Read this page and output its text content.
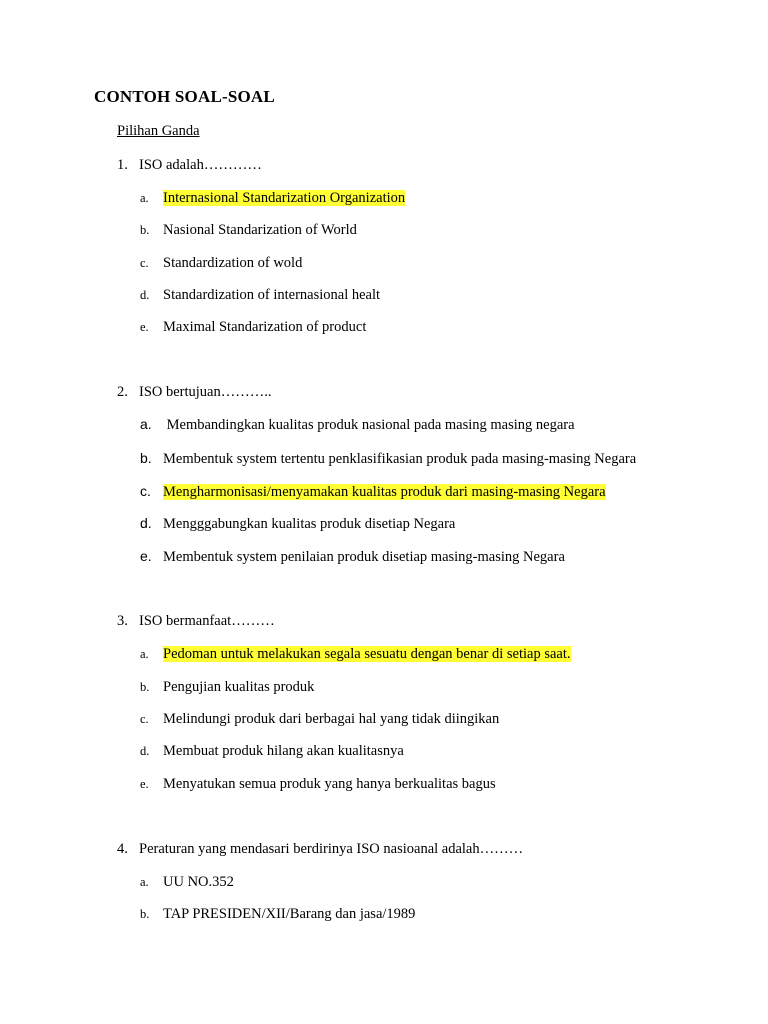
CONTOH SOAL-SOAL
Pilihan Ganda
1. ISO adalah…………
a. Internasional Standarization Organization
b. Nasional Standarization of World
c. Standardization of wold
d. Standardization of internasional healt
e. Maximal Standarization of product
2. ISO bertujuan………..
a. Membandingkan kualitas produk nasional pada masing masing negara
b. Membentuk system tertentu penklasifikasian produk pada masing-masing Negara
c. Mengharmonisasi/menyamakan kualitas produk dari masing-masing Negara
d. Mengggabungkan kualitas produk disetiap Negara
e. Membentuk system penilaian produk disetiap masing-masing Negara
3. ISO bermanfaat………
a. Pedoman untuk melakukan segala sesuatu dengan benar di setiap saat.
b. Pengujian kualitas produk
c. Melindungi produk dari berbagai hal yang tidak diingikan
d. Membuat produk hilang akan kualitasnya
e. Menyatukan semua produk yang hanya berkualitas bagus
4. Peraturan yang mendasari berdirinya ISO nasioanal adalah………
a. UU NO.352
b. TAP PRESIDEN/XII/Barang dan jasa/1989
